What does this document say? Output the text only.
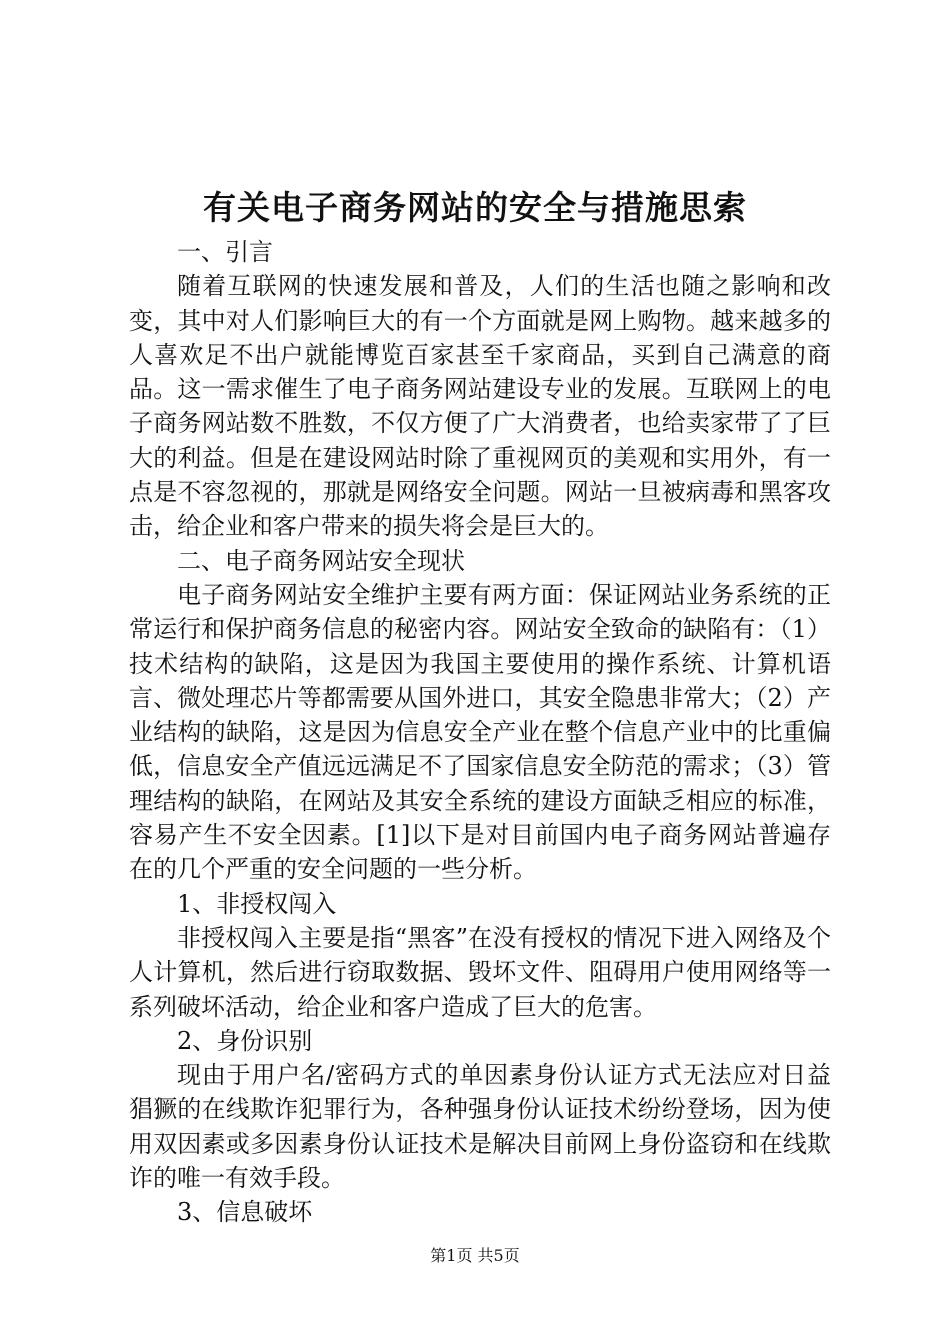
有关电子商务网站的安全与措施思索

一、引言

随着互联网的快速发展和普及，人们的生活也随之影响和改变，其中对人们影响巨大的有一个方面就是网上购物。越来越多的人喜欢足不出户就能博览百家甚至千家商品，买到自己满意的商品。这一需求催生了电子商务网站建设专业的发展。互联网上的电子商务网站数不胜数，不仅方便了广大消费者，也给卖家带了了巨大的利益。但是在建设网站时除了重视网页的美观和实用外，有一点是不容忽视的，那就是网络安全问题。网站一旦被病毒和黑客攻击，给企业和客户带来的损失将会是巨大的。

二、电子商务网站安全现状

电子商务网站安全维护主要有两方面：保证网站业务系统的正常运行和保护商务信息的秘密内容。网站安全致命的缺陷有：（1）技术结构的缺陷，这是因为我国主要使用的操作系统、计算机语言、微处理芯片等都需要从国外进口，其安全隐患非常大；（2）产业结构的缺陷，这是因为信息安全产业在整个信息产业中的比重偏低，信息安全产值远远满足不了国家信息安全防范的需求；（3）管理结构的缺陷，在网站及其安全系统的建设方面缺乏相应的标准，容易产生不安全因素。[1]以下是对目前国内电子商务网站普遍存在的几个严重的安全问题的一些分析。

1、非授权闯入

非授权闯入主要是指“黑客”在没有授权的情况下进入网络及个人计算机，然后进行窃取数据、毁坏文件、阻碍用户使用网络等一系列破坏活动，给企业和客户造成了巨大的危害。

2、身份识别

现由于用户名/密码方式的单因素身份认证方式无法应对日益猖獗的在线欺诈犯罪行为，各种强身份认证技术纷纷登场，因为使用双因素或多因素身份认证技术是解决目前网上身份盗窃和在线欺诈的唯一有效手段。

3、信息破坏

第1页 共5页
